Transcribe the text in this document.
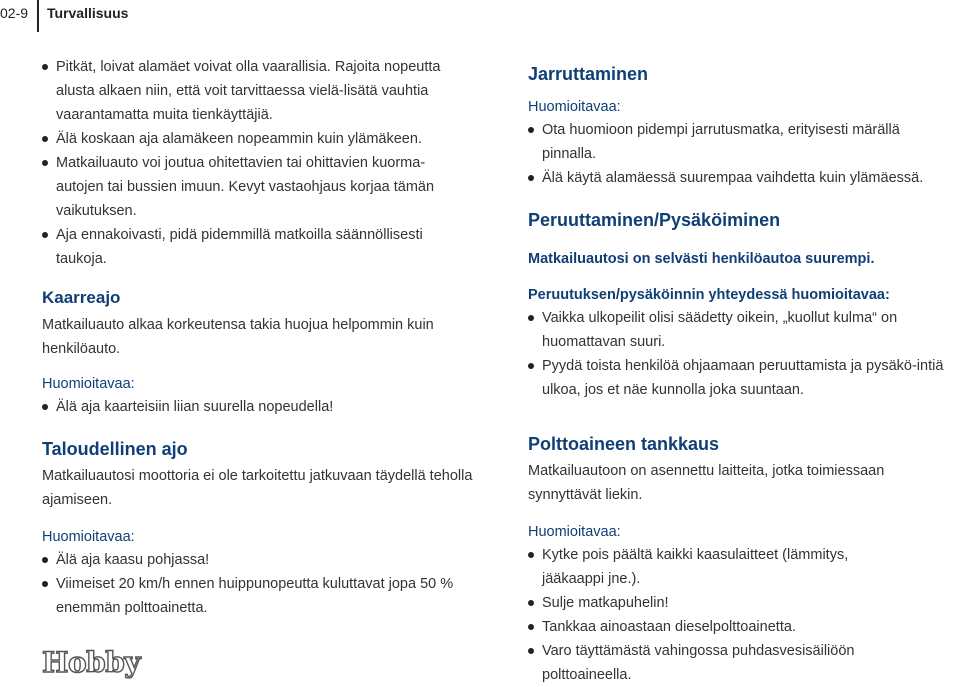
02-9 Turvallisuus
Pitkät, loivat alamäet voivat olla vaarallisia. Rajoita nopeutta alusta alkaen niin, että voit tarvittaessa vielä-lisätä vauhtia vaarantamatta muita tienkäyttäjiä.
Älä koskaan aja alamäkeen nopeammin kuin ylämäkeen.
Matkailuauto voi joutua ohitettavien tai ohittavien kuorma-autojen tai bussien imuun. Kevyt vastaohjaus korjaa tämän vaikutuksen.
Aja ennakoivasti, pidä pidemmillä matkoilla säännöllisesti taukoja.
Kaarreajo

Matkailuauto alkaa korkeutensa takia huojua helpommin kuin henkilöauto.

Huomioitavaa:

Älä aja kaarteisiin liian suurella nopeudella!
Taloudellinen ajo

Matkailuautosi moottoria ei ole tarkoitettu jatkuvaan täydellä teholla ajamiseen.

Huomioitavaa:

Älä aja kaasu pohjassa!
Viimeiset 20 km/h ennen huippunopeutta kuluttavat jopa 50 % enemmän polttoainetta.
Hobby
Jarruttaminen

Huomioitavaa:

Ota huomioon pidempi jarrutusmatka, erityisesti märällä pinnalla.
Älä käytä alamäessä suurempaa vaihdetta kuin ylämäessä.
Peruuttaminen/Pysäköiminen

Matkailuautosi on selvästi henkilöautoa suurempi.

Peruutuksen/pysäköinnin yhteydessä huomioitavaa:

Vaikka ulkopeilit olisi säädetty oikein, „kuollut kulma“ on huomattavan suuri.
Pyydä toista henkilöä ohjaamaan peruuttamista ja pysäkö-intiä ulkoa, jos et näe kunnolla joka suuntaan.
Polttoaineen tankkaus

Matkailuautoon on asennettu laitteita, jotka toimiessaan synnyttävät liekin.

Huomioitavaa:

Kytke pois päältä kaikki kaasulaitteet (lämmitys, jääkaappi jne.).
Sulje matkapuhelin!
Tankkaa ainoastaan dieselpolttoainetta.
Varo täyttämästä vahingossa puhdasvesisäiliöön polttoaineella.
